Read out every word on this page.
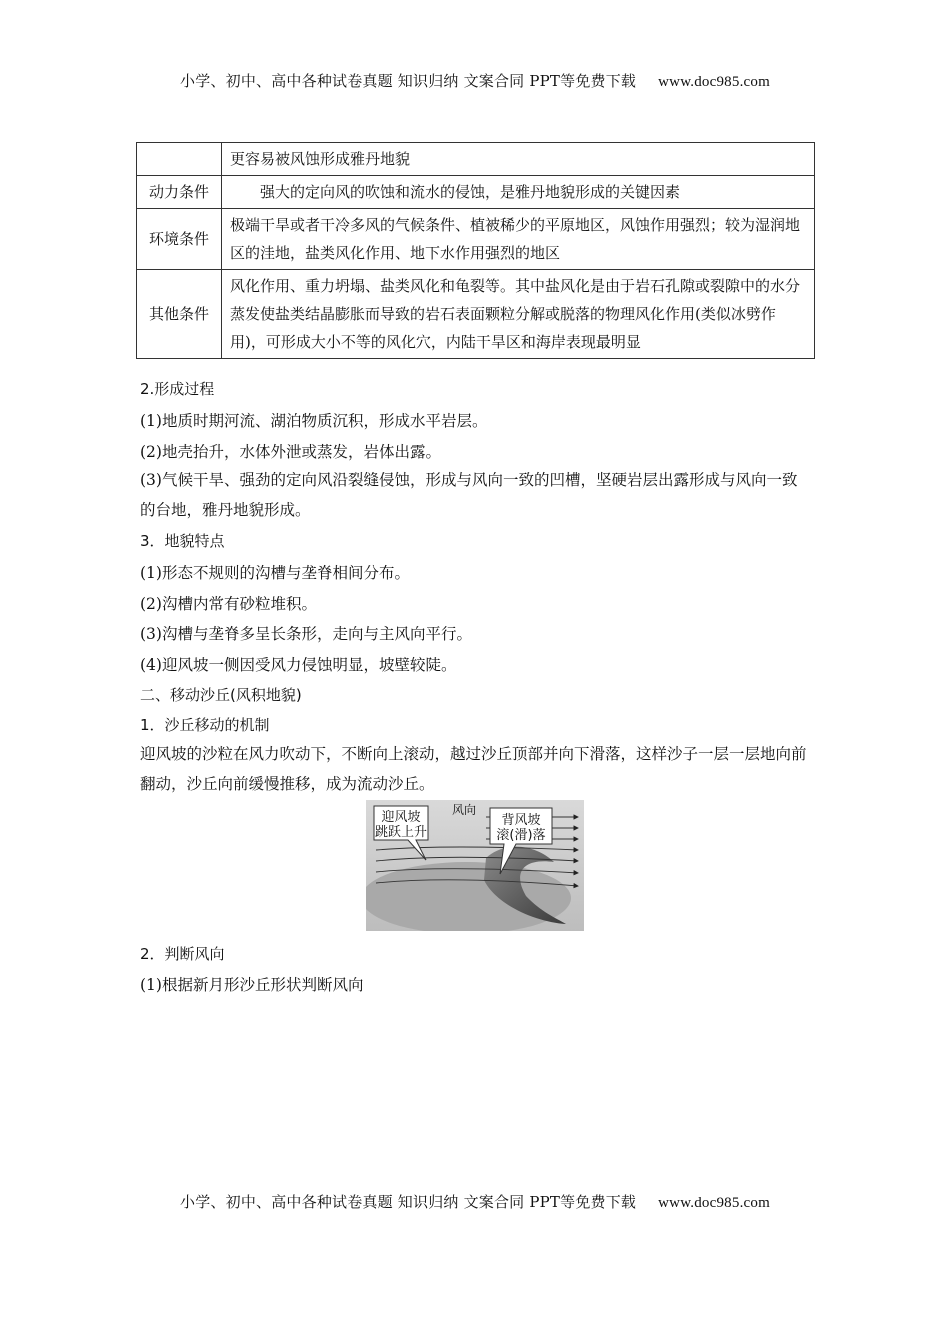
小学、初中、高中各种试卷真题 知识归纳 文案合同 PPT等免费下载 www.doc985.com
	更容易被风蚀形成雅丹地貌
动力条件	强大的定向风的吹蚀和流水的侵蚀，是雅丹地貌形成的关键因素
环境条件	极端干旱或者干冷多风的气候条件、植被稀少的平原地区，风蚀作用强烈；较为湿润地区的洼地，盐类风化作用、地下水作用强烈的地区
其他条件	风化作用、重力坍塌、盐类风化和龟裂等。其中盐风化是由于岩石孔隙或裂隙中的水分蒸发使盐类结晶膨胀而导致的岩石表面颗粒分解或脱落的物理风化作用(类似冰劈作用)，可形成大小不等的风化穴，内陆干旱区和海岸表现最明显
2.形成过程
(1)地质时期河流、湖泊物质沉积，形成水平岩层。
(2)地壳抬升，水体外泄或蒸发，岩体出露。
(3)气候干旱、强劲的定向风沿裂缝侵蚀，形成与风向一致的凹槽，坚硬岩层出露形成与风向一致的台地，雅丹地貌形成。
3．地貌特点
(1)形态不规则的沟槽与垄脊相间分布。
(2)沟槽内常有砂粒堆积。
(3)沟槽与垄脊多呈长条形，走向与主风向平行。
(4)迎风坡一侧因受风力侵蚀明显，坡壁较陡。
二、移动沙丘(风积地貌)
1．沙丘移动的机制
迎风坡的沙粒在风力吹动下，不断向上滚动，越过沙丘顶部并向下滑落，这样沙子一层一层地向前翻动，沙丘向前缓慢推移，成为流动沙丘。
2．判断风向
(1)根据新月形沙丘形状判断风向
风向
迎风坡
跳跃上升
背风坡
滚(滑)落
小学、初中、高中各种试卷真题 知识归纳 文案合同 PPT等免费下载 www.doc985.com
